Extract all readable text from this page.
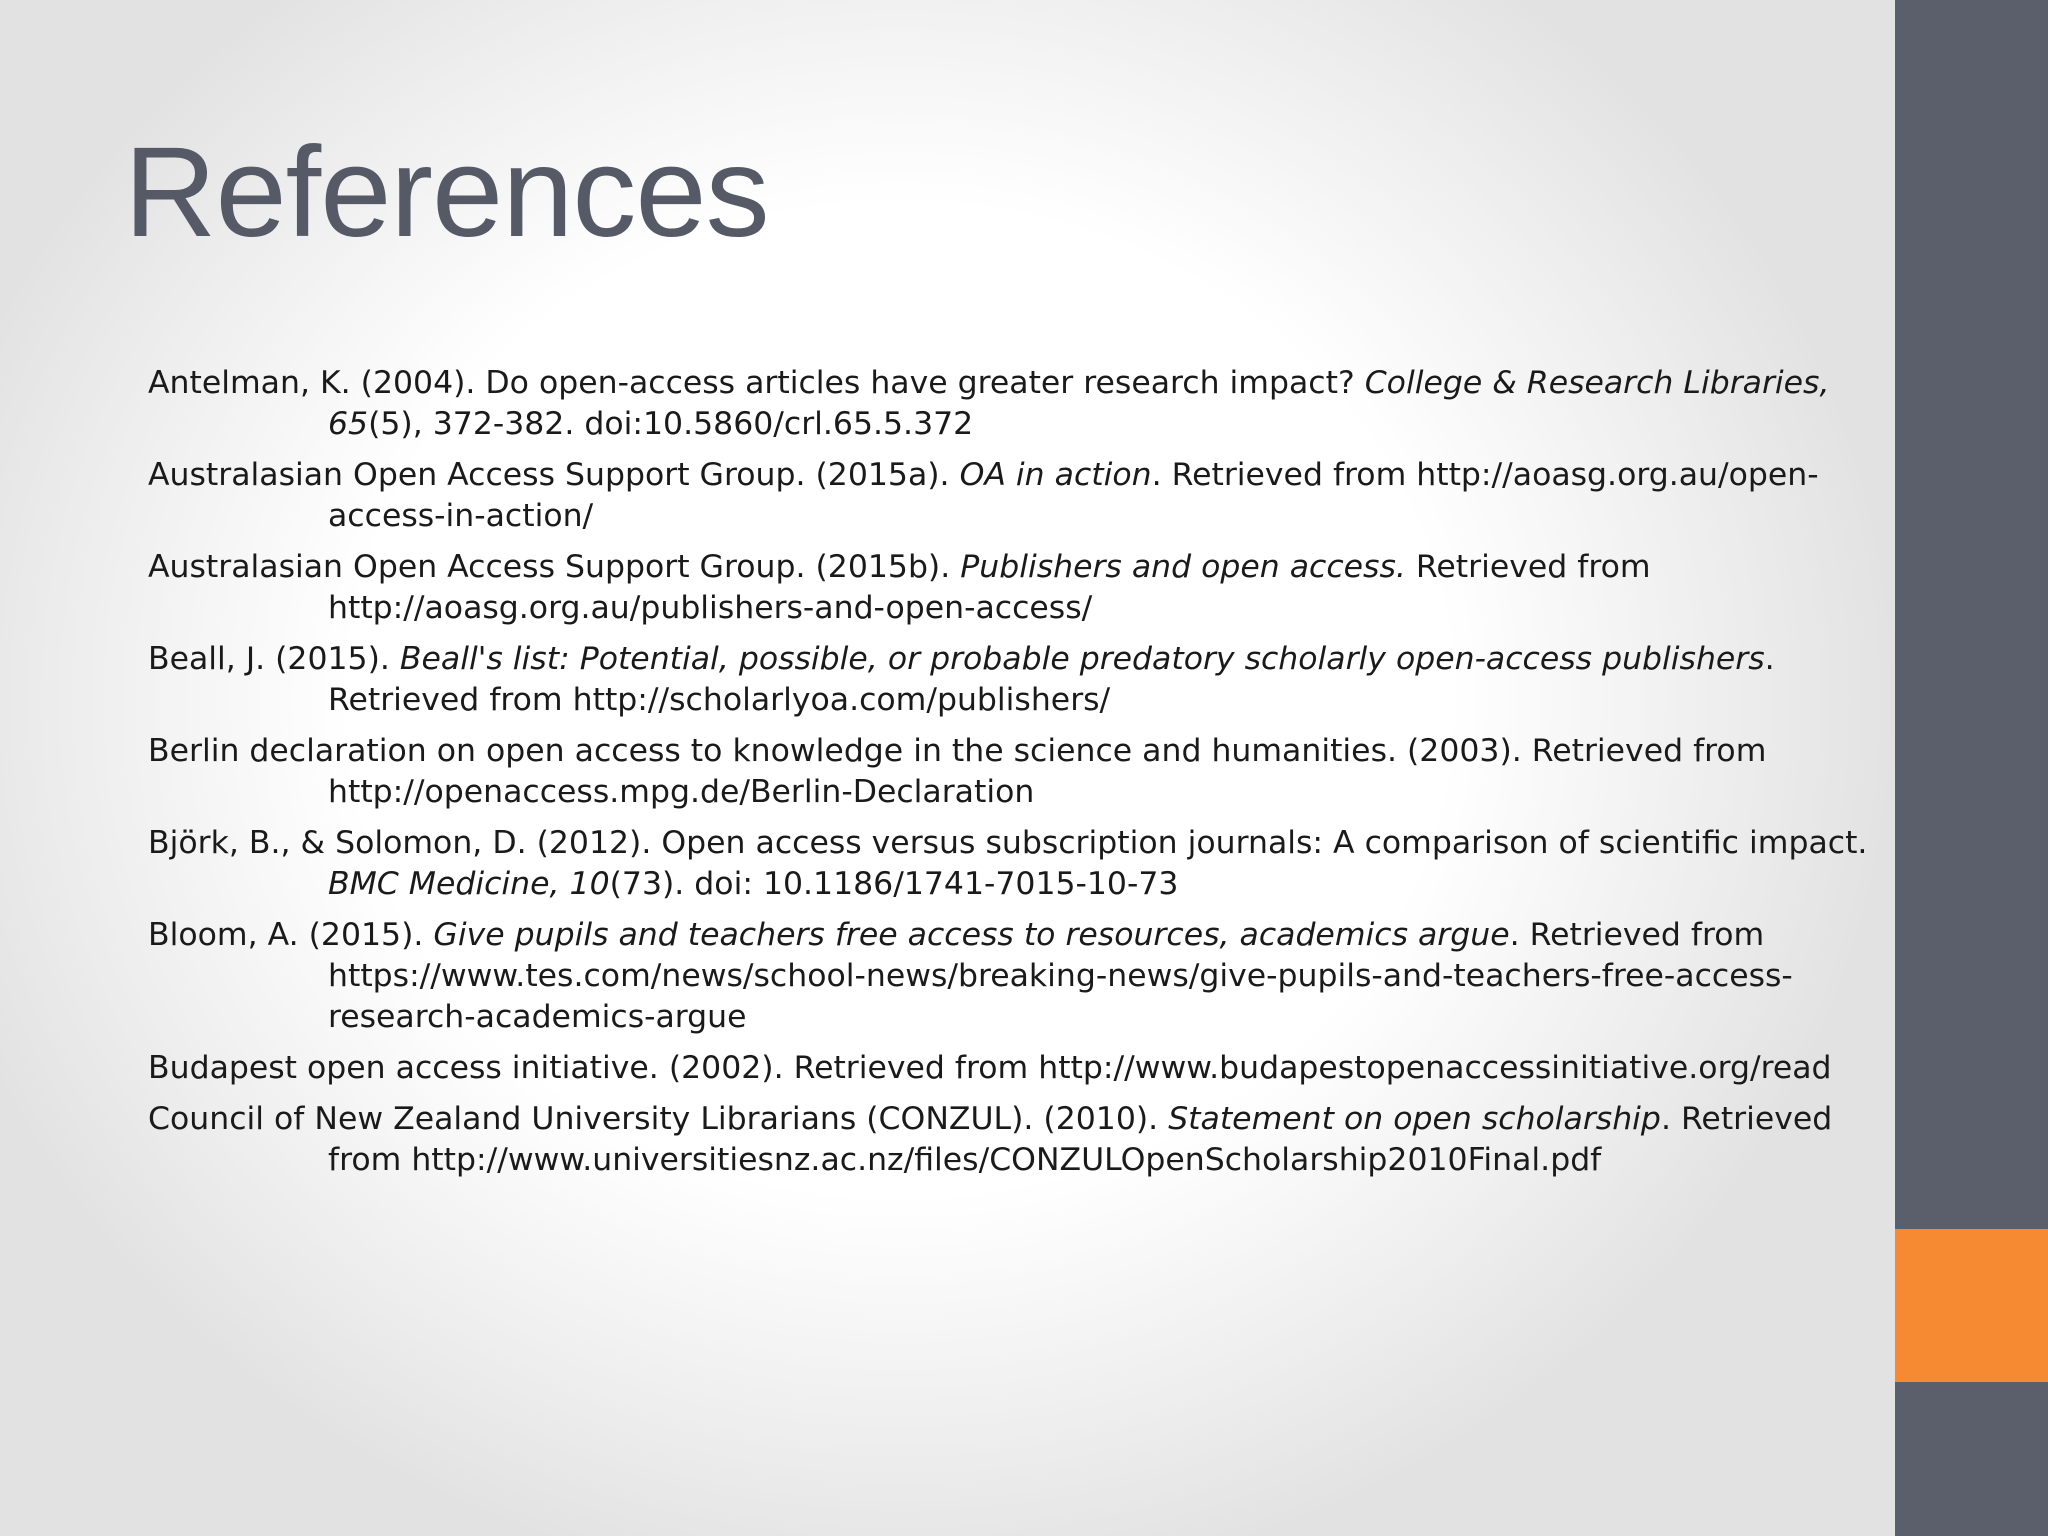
References
Antelman, K. (2004). Do open-access articles have greater research impact? College & Research Libraries, 65(5), 372-382. doi:10.5860/crl.65.5.372
Australasian Open Access Support Group. (2015a). OA in action. Retrieved from http://aoasg.org.au/open-access-in-action/
Australasian Open Access Support Group. (2015b). Publishers and open access. Retrieved from http://aoasg.org.au/publishers-and-open-access/
Beall, J. (2015). Beall's list: Potential, possible, or probable predatory scholarly open-access publishers. Retrieved from http://scholarlyoa.com/publishers/
Berlin declaration on open access to knowledge in the science and humanities. (2003). Retrieved from http://openaccess.mpg.de/Berlin-Declaration
Björk, B., & Solomon, D. (2012). Open access versus subscription journals: A comparison of scientific impact. BMC Medicine, 10(73). doi: 10.1186/1741-7015-10-73
Bloom, A. (2015). Give pupils and teachers free access to resources, academics argue. Retrieved from https://www.tes.com/news/school-news/breaking-news/give-pupils-and-teachers-free-access-research-academics-argue
Budapest open access initiative. (2002). Retrieved from http://www.budapestopenaccessinitiative.org/read
Council of New Zealand University Librarians (CONZUL). (2010). Statement on open scholarship. Retrieved from http://www.universitiesnz.ac.nz/files/CONZULOpenScholarship2010Final.pdf
